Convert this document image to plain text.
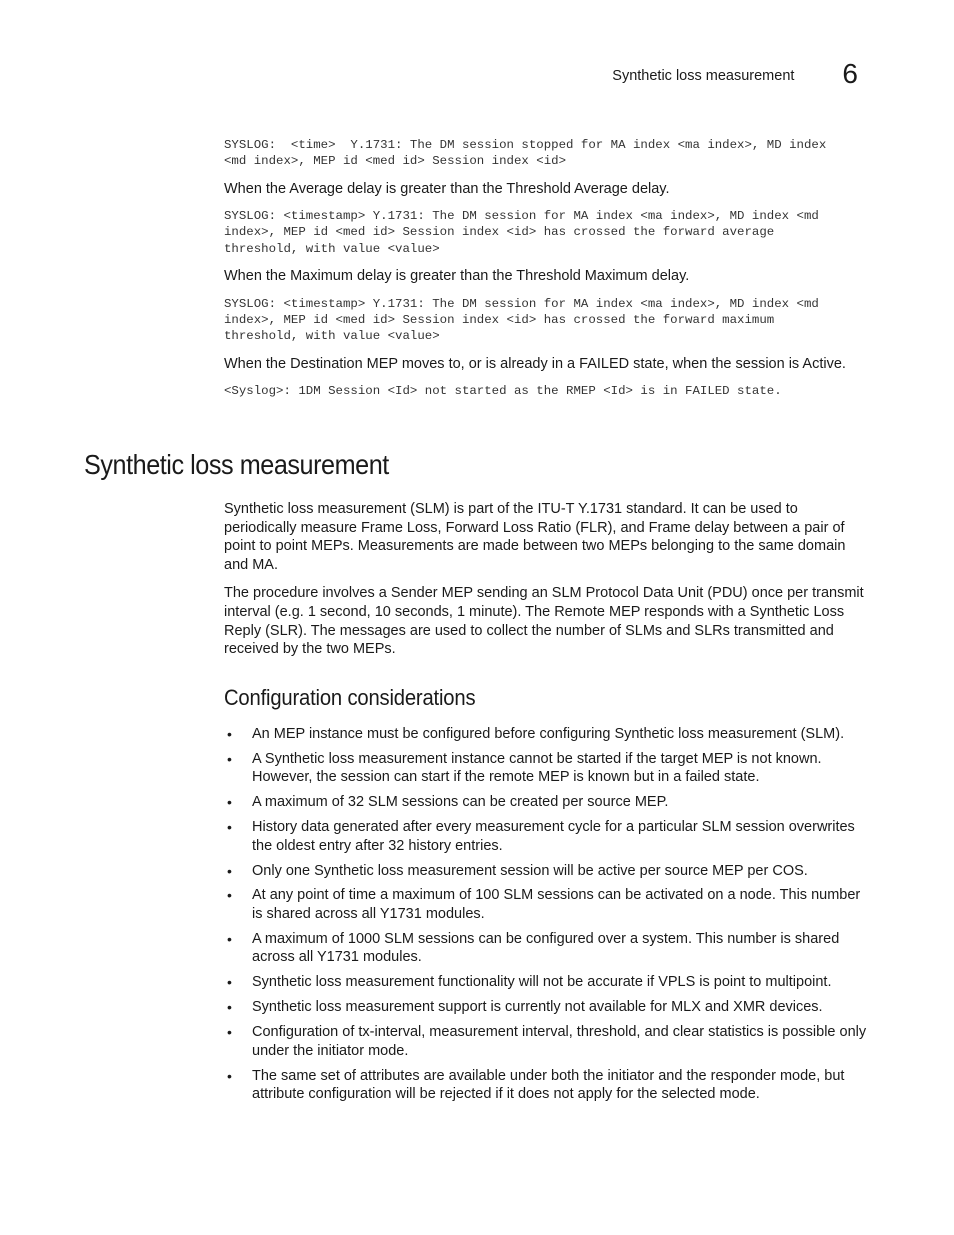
Synthetic loss measurement 6
SYSLOG:  <time>  Y.1731: The DM session stopped for MA index <ma index>, MD index
<md index>, MEP id <med id> Session index <id>
When the Average delay is greater than the Threshold Average delay.
SYSLOG: <timestamp> Y.1731: The DM session for MA index <ma index>, MD index <md
index>, MEP id <med id> Session index <id> has crossed the forward average
threshold, with value <value>
When the Maximum delay is greater than the Threshold Maximum delay.
SYSLOG: <timestamp> Y.1731: The DM session for MA index <ma index>, MD index <md
index>, MEP id <med id> Session index <id> has crossed the forward maximum
threshold, with value <value>
When the Destination MEP moves to, or is already in a FAILED state, when the session is Active.
<Syslog>: 1DM Session <Id> not started as the RMEP <Id> is in FAILED state.
Synthetic loss measurement
Synthetic loss measurement (SLM) is part of the ITU-T Y.1731 standard. It can be used to periodically measure Frame Loss, Forward Loss Ratio (FLR), and Frame delay between a pair of point to point MEPs. Measurements are made between two MEPs belonging to the same domain and MA.
The procedure involves a Sender MEP sending an SLM Protocol Data Unit (PDU) once per transmit interval (e.g. 1 second, 10 seconds, 1 minute). The Remote MEP responds with a Synthetic Loss Reply (SLR). The messages are used to collect the number of SLMs and SLRs transmitted and received by the two MEPs.
Configuration considerations
• An MEP instance must be configured before configuring Synthetic loss measurement (SLM).
• A Synthetic loss measurement instance cannot be started if the target MEP is not known. However, the session can start if the remote MEP is known but in a failed state.
• A maximum of 32 SLM sessions can be created per source MEP.
• History data generated after every measurement cycle for a particular SLM session overwrites the oldest entry after 32 history entries.
• Only one Synthetic loss measurement session will be active per source MEP per COS.
• At any point of time a maximum of 100 SLM sessions can be activated on a node. This number is shared across all Y1731 modules.
• A maximum of 1000 SLM sessions can be configured over a system. This number is shared across all Y1731 modules.
• Synthetic loss measurement functionality will not be accurate if VPLS is point to multipoint.
• Synthetic loss measurement support is currently not available for MLX and XMR devices.
• Configuration of tx-interval, measurement interval, threshold, and clear statistics is possible only under the initiator mode.
• The same set of attributes are available under both the initiator and the responder mode, but attribute configuration will be rejected if it does not apply for the selected mode.
